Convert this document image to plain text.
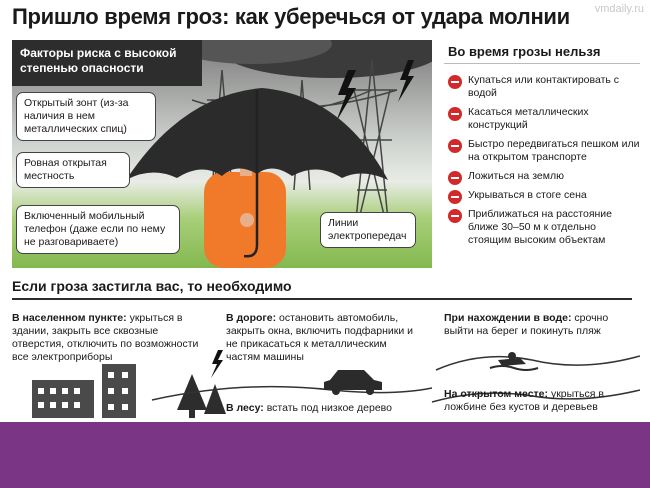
Пришло время гроз: как уберечься от удара молнии	vmdaily.ru
Факторы риска с высокой степенью опасности
Открытый зонт (из-за наличия в нем металлических спиц)
Ровная открытая местность
Включенный мобильный телефон (даже если по нему не разговариваете)
Линии электропередач
Во время грозы нельзя
Купаться или контактировать с водой
Касаться металлических конструкций
Быстро передвигаться пешком или на открытом транспорте
Ложиться на землю
Укрываться в стоге сена
Приближаться на расстояние ближе 30–50 м к отдельно стоящим высоким объектам
Если гроза застигла вас, то необходимо
В населенном пункте: укрыться в здании, закрыть все сквозные отверстия, отключить по возможности все электроприборы
В дороге: остановить автомобиль, закрыть окна, включить подфарники и не прикасаться к металлическим частям машины
В лесу: встать под низкое дерево
При нахождении в воде: срочно выйти на берег и покинуть пляж
На открытом месте: укрыться в ложбине без кустов и деревьев
